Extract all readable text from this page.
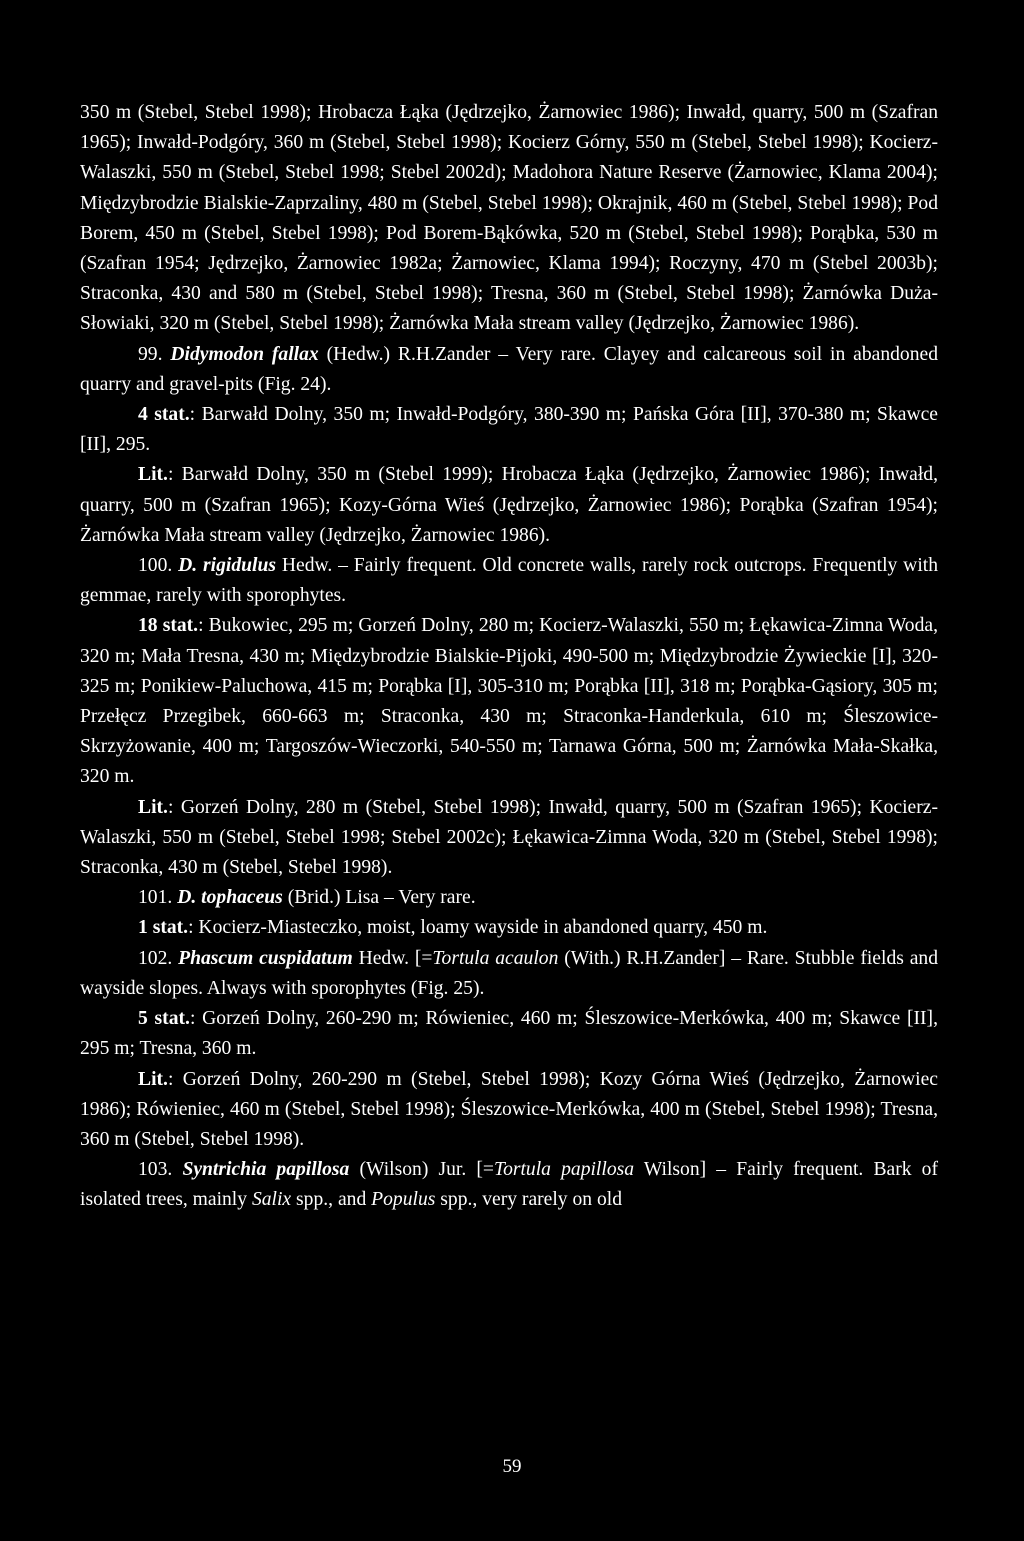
350 m (Stebel, Stebel 1998); Hrobacza Łąka (Jędrzejko, Żarnowiec 1986); Inwałd, quarry, 500 m (Szafran 1965); Inwałd-Podgóry, 360 m (Stebel, Stebel 1998); Kocierz Górny, 550 m (Stebel, Stebel 1998); Kocierz-Walaszki, 550 m (Stebel, Stebel 1998; Stebel 2002d); Madohora Nature Reserve (Żarnowiec, Klama 2004); Międzybrodzie Bialskie-Zaprzaliny, 480 m (Stebel, Stebel 1998); Okrajnik, 460 m (Stebel, Stebel 1998); Pod Borem, 450 m (Stebel, Stebel 1998); Pod Borem-Bąkówka, 520 m (Stebel, Stebel 1998); Porąbka, 530 m (Szafran 1954; Jędrzejko, Żarnowiec 1982a; Żarnowiec, Klama 1994); Roczyny, 470 m (Stebel 2003b); Straconka, 430 and 580 m (Stebel, Stebel 1998); Tresna, 360 m (Stebel, Stebel 1998); Żarnówka Duża-Słowiaki, 320 m (Stebel, Stebel 1998); Żarnówka Mała stream valley (Jędrzejko, Żarnowiec 1986).

99. Didymodon fallax (Hedw.) R.H.Zander – Very rare. Clayey and calcareous soil in abandoned quarry and gravel-pits (Fig. 24).

4 stat.: Barwałd Dolny, 350 m; Inwałd-Podgóry, 380-390 m; Pańska Góra [II], 370-380 m; Skawce [II], 295.

Lit.: Barwałd Dolny, 350 m (Stebel 1999); Hrobacza Łąka (Jędrzejko, Żarnowiec 1986); Inwałd, quarry, 500 m (Szafran 1965); Kozy-Górna Wieś (Jędrzejko, Żarnowiec 1986); Porąbka (Szafran 1954); Żarnówka Mała stream valley (Jędrzejko, Żarnowiec 1986).

100. D. rigidulus Hedw. – Fairly frequent. Old concrete walls, rarely rock outcrops. Frequently with gemmae, rarely with sporophytes.

18 stat.: Bukowiec, 295 m; Gorzeń Dolny, 280 m; Kocierz-Walaszki, 550 m; Łękawica-Zimna Woda, 320 m; Mała Tresna, 430 m; Międzybrodzie Bialskie-Pijoki, 490-500 m; Międzybrodzie Żywieckie [I], 320-325 m; Ponikiew-Paluchowa, 415 m; Porąbka [I], 305-310 m; Porąbka [II], 318 m; Porąbka-Gąsiory, 305 m; Przełęcz Przegibek, 660-663 m; Straconka, 430 m; Straconka-Handerkula, 610 m; Śleszowice-Skrzyżowanie, 400 m; Targoszów-Wieczorki, 540-550 m; Tarnawa Górna, 500 m; Żarnówka Mała-Skałka, 320 m.

Lit.: Gorzeń Dolny, 280 m (Stebel, Stebel 1998); Inwałd, quarry, 500 m (Szafran 1965); Kocierz-Walaszki, 550 m (Stebel, Stebel 1998; Stebel 2002c); Łękawica-Zimna Woda, 320 m (Stebel, Stebel 1998); Straconka, 430 m (Stebel, Stebel 1998).

101. D. tophaceus (Brid.) Lisa – Very rare.

1 stat.: Kocierz-Miasteczko, moist, loamy wayside in abandoned quarry, 450 m.

102. Phascum cuspidatum Hedw. [=Tortula acaulon (With.) R.H.Zander] – Rare. Stubble fields and wayside slopes. Always with sporophytes (Fig. 25).

5 stat.: Gorzeń Dolny, 260-290 m; Rówieniec, 460 m; Śleszowice-Merkówka, 400 m; Skawce [II], 295 m; Tresna, 360 m.

Lit.: Gorzeń Dolny, 260-290 m (Stebel, Stebel 1998); Kozy Górna Wieś (Jędrzejko, Żarnowiec 1986); Rówieniec, 460 m (Stebel, Stebel 1998); Śleszowice-Merkówka, 400 m (Stebel, Stebel 1998); Tresna, 360 m (Stebel, Stebel 1998).

103. Syntrichia papillosa (Wilson) Jur. [=Tortula papillosa Wilson] – Fairly frequent. Bark of isolated trees, mainly Salix spp., and Populus spp., very rarely on old

59
